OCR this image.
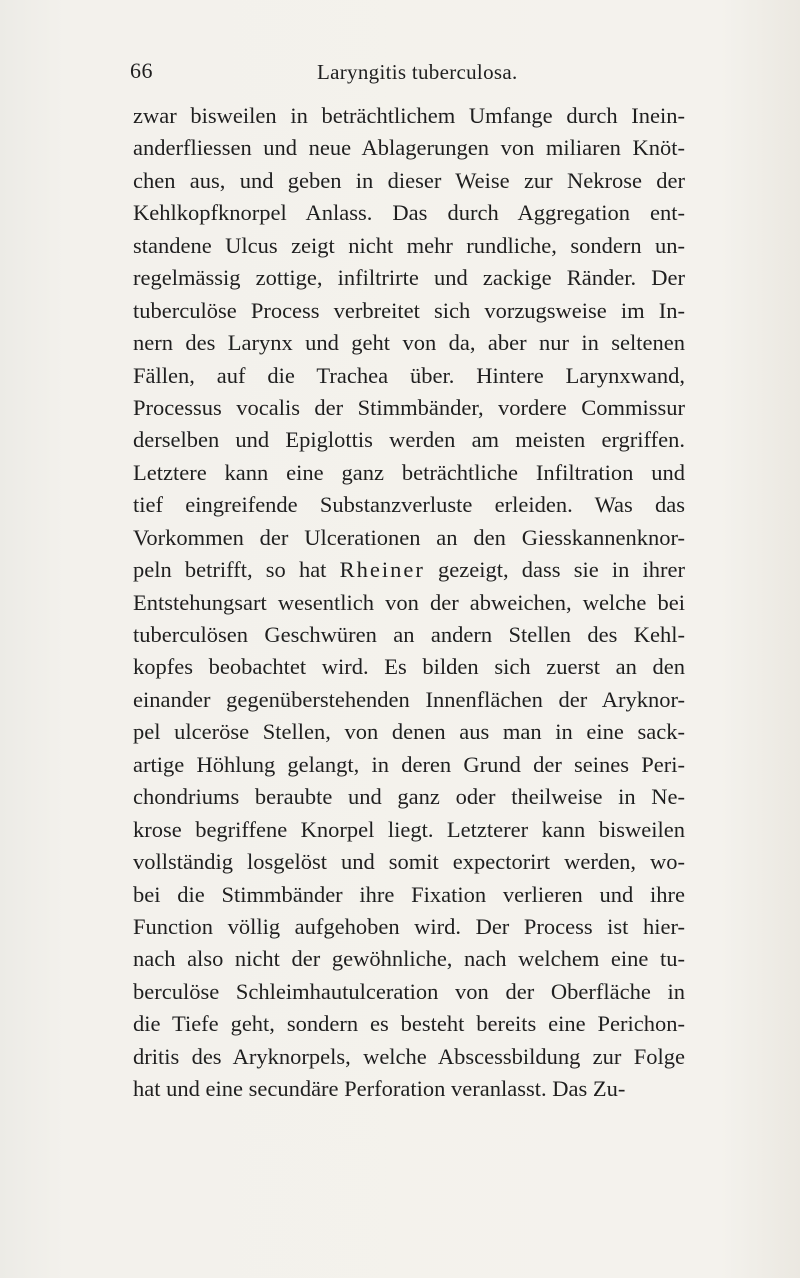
66	Laryngitis tuberculosa.
zwar bisweilen in beträchtlichem Umfange durch Inein-
anderfliessen und neue Ablagerungen von miliaren Knöt-
chen aus, und geben in dieser Weise zur Nekrose der
Kehlkopfknorpel Anlass. Das durch Aggregation ent-
standene Ulcus zeigt nicht mehr rundliche, sondern un-
regelmässig zottige, infiltrirte und zackige Ränder. Der
tuberculöse Process verbreitet sich vorzugsweise im In-
nern des Larynx und geht von da, aber nur in seltenen
Fällen, auf die Trachea über. Hintere Larynxwand,
Processus vocalis der Stimmbänder, vordere Commissur
derselben und Epiglottis werden am meisten ergriffen.
Letztere kann eine ganz beträchtliche Infiltration und
tief eingreifende Substanzverluste erleiden. Was das
Vorkommen der Ulcerationen an den Giesskannenknor-
peln betrifft, so hat Rheiner gezeigt, dass sie in ihrer
Entstehungsart wesentlich von der abweichen, welche bei
tuberculösen Geschwüren an andern Stellen des Kehl-
kopfes beobachtet wird. Es bilden sich zuerst an den
einander gegenüberstehenden Innenflächen der Aryknor-
pel ulceröse Stellen, von denen aus man in eine sack-
artige Höhlung gelangt, in deren Grund der seines Peri-
chondriums beraubte und ganz oder theilweise in Ne-
krose begriffene Knorpel liegt. Letzterer kann bisweilen
vollständig losgelöst und somit expectorirt werden, wo-
bei die Stimmbänder ihre Fixation verlieren und ihre
Function völlig aufgehoben wird. Der Process ist hier-
nach also nicht der gewöhnliche, nach welchem eine tu-
berculöse Schleimhautulceration von der Oberfläche in
die Tiefe geht, sondern es besteht bereits eine Perichon-
dritis des Aryknorpels, welche Abscessbildung zur Folge
hat und eine secundäre Perforation veranlasst. Das Zu-
